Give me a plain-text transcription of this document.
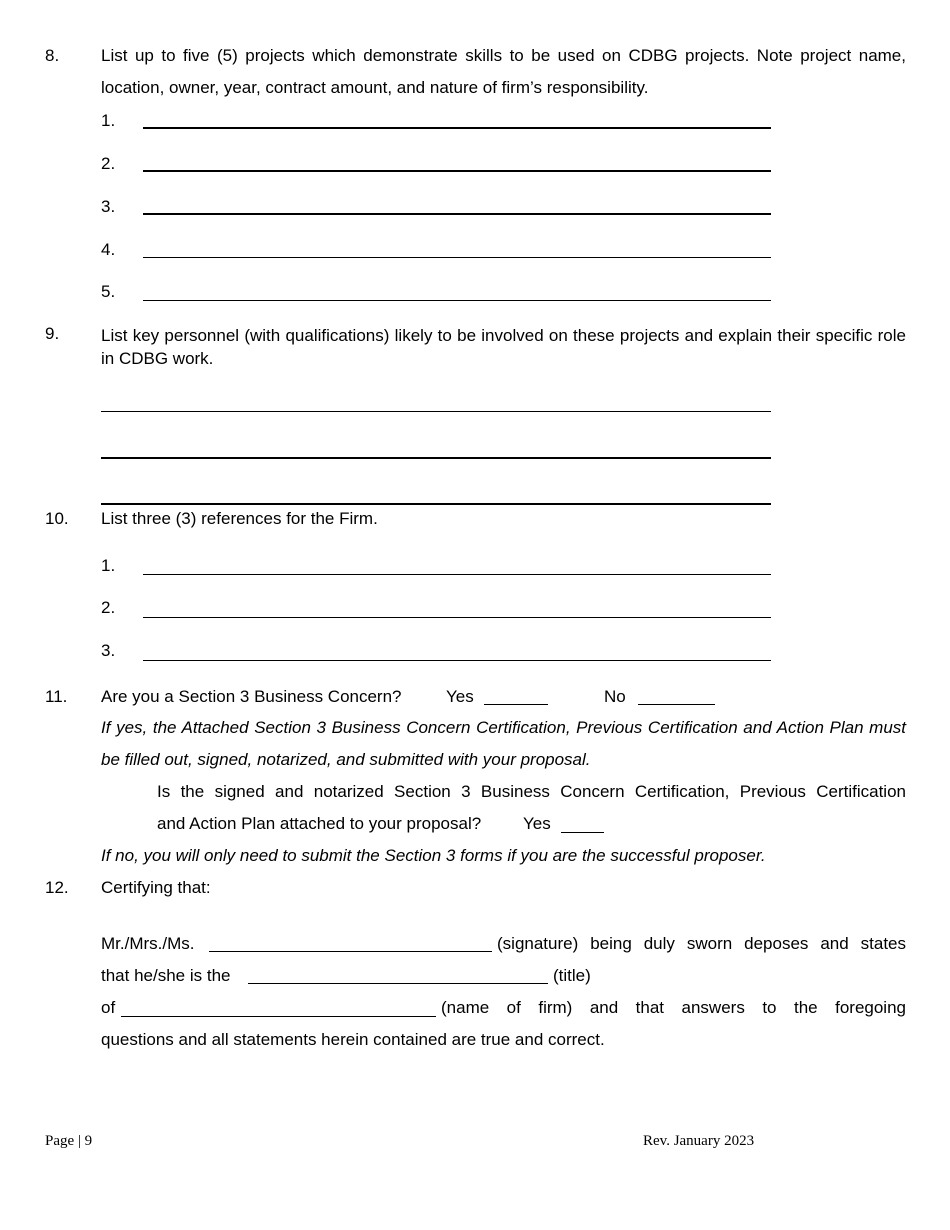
8. List up to five (5) projects which demonstrate skills to be used on CDBG projects. Note project name, location, owner, year, contract amount, and nature of firm’s responsibility.
1.
2.
3.
4.
5.
9. List key personnel (with qualifications) likely to be involved on these projects and explain their specific role in CDBG work.
10. List three (3) references for the Firm.
1.
2.
3.
11. Are you a Section 3 Business Concern?	Yes	No
If yes, the Attached Section 3 Business Concern Certification, Previous Certification and Action Plan must be filled out, signed, notarized, and submitted with your proposal.
Is the signed and notarized Section 3 Business Concern Certification, Previous Certification
and Action Plan attached to your proposal? Yes
If no, you will only need to submit the Section 3 forms if you are the successful proposer.
12. Certifying that:
Mr./Mrs./Ms.	(signature) being duly sworn deposes and states
that he/she is the	(title)
of	(name of firm) and that answers to the foregoing
questions and all statements herein contained are true and correct.
Page | 9	Rev. January 2023
